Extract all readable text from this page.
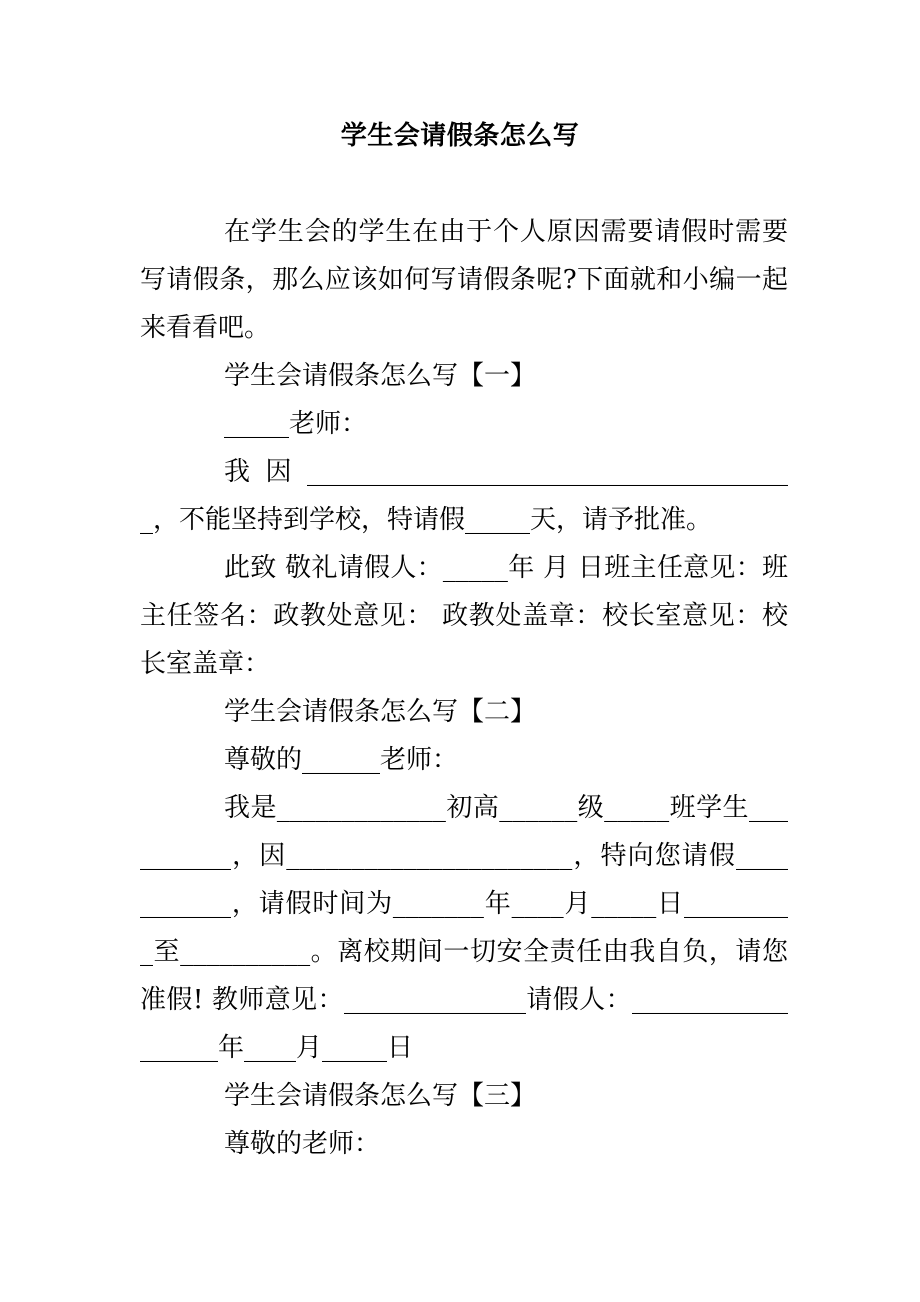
学生会请假条怎么写

在学生会的学生在由于个人原因需要请假时需要写请假条，那么应该如何写请假条呢?下面就和小编一起来看看吧。

学生会请假条怎么写【一】

_____老师：

我因______________________________________，不能坚持到学校，特请假_____天，请予批准。

此致 敬礼请假人：_____年 月 日班主任意见：班主任签名：政教处意见： 政教处盖章：校长室意见：校长室盖章：

学生会请假条怎么写【二】

尊敬的______老师：

我是_____________初高______级_____班学生__________，因______________________，特向您请假___________，请假时间为_______年____月_____日_________至__________。离校期间一切安全责任由我自负，请您准假! 教师意见：______________请假人：__________________年____月_____日

学生会请假条怎么写【三】

尊敬的老师：
